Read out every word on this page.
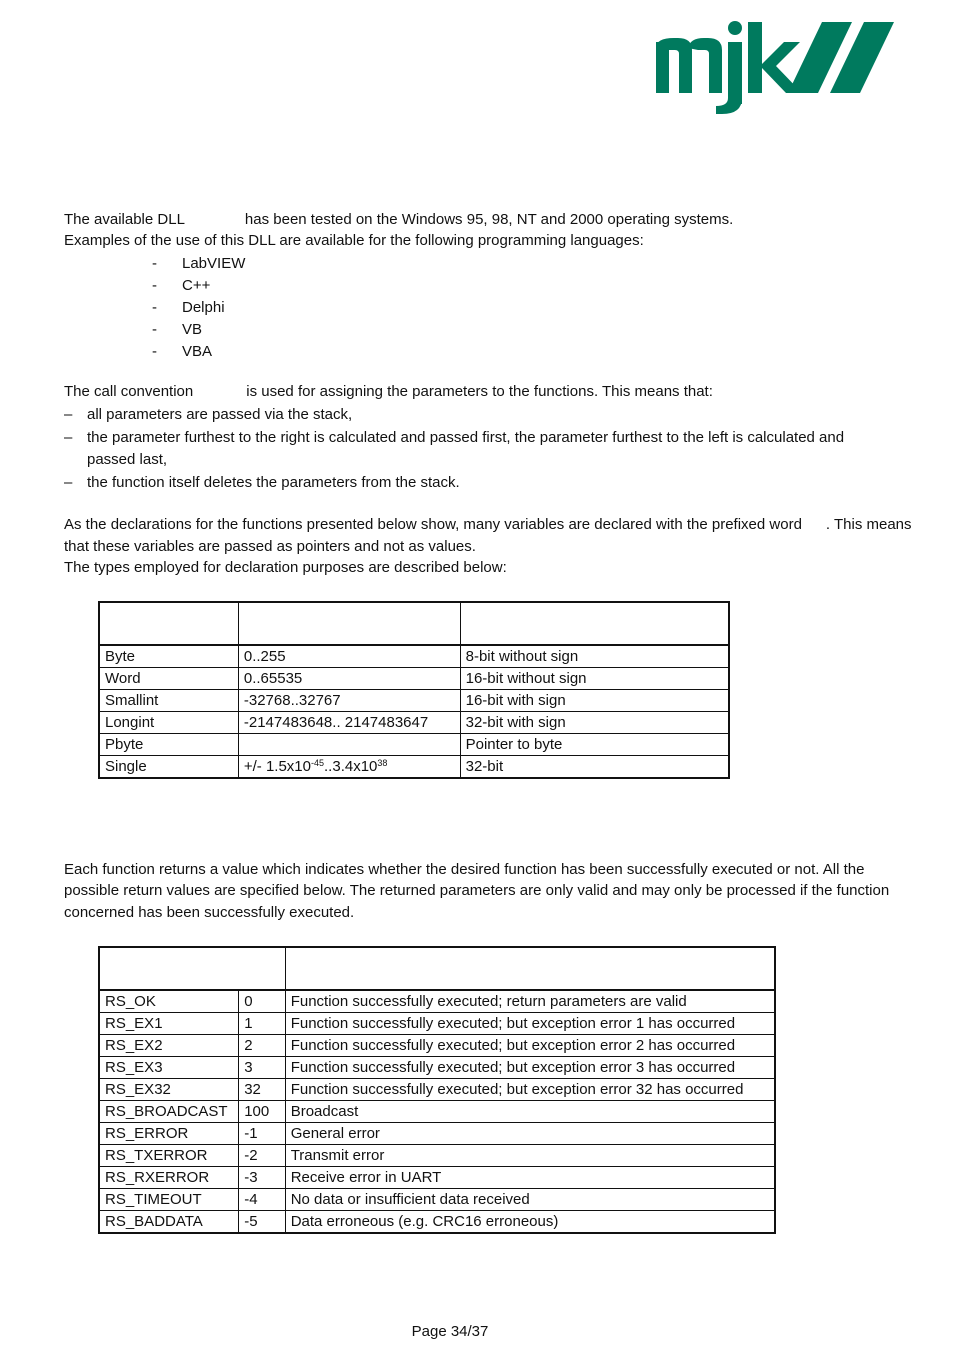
The available DLL	has been tested on the Windows 95, 98, NT and 2000 operating systems.

Examples of the use of this DLL are available for the following programming languages:

- LabVIEW
- C++
- Delphi
- VB
- VBA

The call convention	is used for assigning the parameters to the functions. This means that:

– all parameters are passed via the stack,
– the parameter furthest to the right is calculated and passed first, the parameter furthest to the left is calculated and passed last,
– the function itself deletes the parameters from the stack.

As the declarations for the functions presented below show, many variables are declared with the prefixed word . This means

that these variables are passed as pointers and not as values.

The types employed for declaration purposes are described below:

Byte	0..255	8-bit without sign
Word	0..65535	16-bit without sign
Smallint	-32768..32767	16-bit with sign
Longint	-2147483648.. 2147483647	32-bit with sign
Pbyte		Pointer to byte
Single	+/- $1.5x10^{-45}..3.4x10^{38}$	32-bit

Each function returns a value which indicates whether the desired function has been successfully executed or not. All the

possible return values are specified below. The returned parameters are only valid and may only be processed if the function

concerned has been successfully executed.

RS_OK	0	Function successfully executed; return parameters are valid
RS_EX1	1	Function successfully executed; but exception error 1 has occurred
RS_EX2	2	Function successfully executed; but exception error 2 has occurred
RS_EX3	3	Function successfully executed; but exception error 3 has occurred
RS_EX32	32	Function successfully executed; but exception error 32 has occurred
RS_BROADCAST	100	Broadcast
RS_ERROR	-1	General error
RS_TXERROR	-2	Transmit error
RS_RXERROR	-3	Receive error in UART
RS_TIMEOUT	-4	No data or insufficient data received
RS_BADDATA	-5	Data erroneous (e.g. CRC16 erroneous)
Page 34/37
